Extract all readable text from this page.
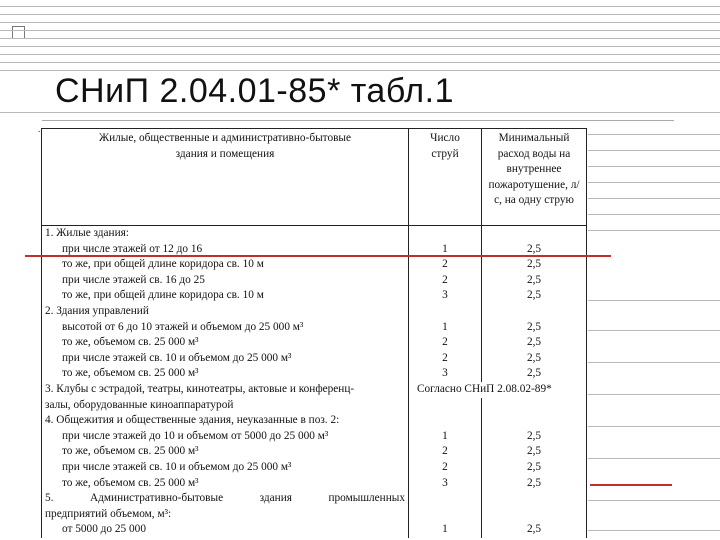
СНиП 2.04.01-85* табл.1
.
Жилые, общественные и административно-бытовые здания и помещения	Число струй	Минимальный расход воды на внутреннее пожаротушение, л/с, на одну струю
1. Жилые здания:		
при числе этажей от 12 до 16	1	2,5
то же, при общей длине коридора св. 10 м	2	2,5
при числе этажей св. 16 до 25	2	2,5
то же, при общей длине коридора св. 10 м	3	2,5
2. Здания управлений		
высотой от 6 до 10 этажей и объемом до 25 000 м³	1	2,5
то же, объемом св. 25 000 м³	2	2,5
при числе этажей св. 10 и объемом до 25 000 м³	2	2,5
то же, объемом св. 25 000 м³	3	2,5
3. Клубы с эстрадой, театры, кинотеатры, актовые и конференц-	Согласно СНиП 2.08.02-89*	
залы, оборудованные киноаппаратурой		
4. Общежития и общественные здания, неуказанные в поз. 2:		
при числе этажей до 10 и объемом от 5000 до 25 000 м³	1	2,5
то же, объемом св. 25 000 м³	2	2,5
при числе этажей св. 10 и объемом до 25 000 м³	2	2,5
то же, объемом св. 25 000 м³	3	2,5
5. Административно-бытовые здания промышленных		
предприятий объемом, м³:		
от 5000 до 25 000	1	2,5
